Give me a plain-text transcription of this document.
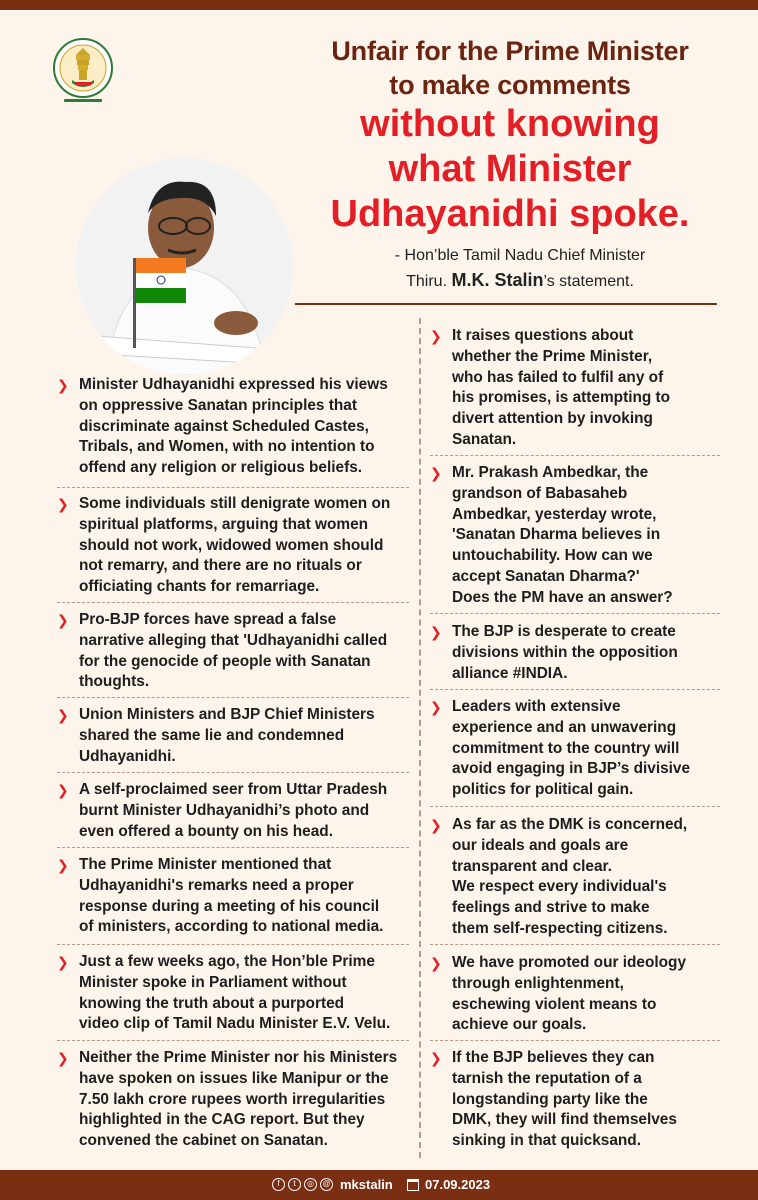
Unfair for the Prime Minister

to make comments

without knowing

what Minister

Udhayanidhi spoke.

- Hon’ble Tamil Nadu Chief Minister
Thiru. M.K. Stalin’s statement.
❯ Minister Udhayanidhi expressed his views
on oppressive Sanatan principles that
discriminate against Scheduled Castes,
Tribals, and Women, with no intention to
offend any religion or religious beliefs.
❯ Some individuals still denigrate women on
spiritual platforms, arguing that women
should not work, widowed women should
not remarry, and there are no rituals or
officiating chants for remarriage.
❯ Pro-BJP forces have spread a false
narrative alleging that 'Udhayanidhi called
for the genocide of people with Sanatan
thoughts.
❯ Union Ministers and BJP Chief Ministers
shared the same lie and condemned
Udhayanidhi.
❯ A self-proclaimed seer from Uttar Pradesh
burnt Minister Udhayanidhi’s photo and
even offered a bounty on his head.
❯ The Prime Minister mentioned that
Udhayanidhi's remarks need a proper
response during a meeting of his council
of ministers, according to national media.
❯ Just a few weeks ago, the Hon’ble Prime
Minister spoke in Parliament without
knowing the truth about a purported
video clip of Tamil Nadu Minister E.V. Velu.
❯ Neither the Prime Minister nor his Ministers
have spoken on issues like Manipur or the
7.50 lakh crore rupees worth irregularities
highlighted in the CAG report. But they
convened the cabinet on Sanatan.
❯ It raises questions about
whether the Prime Minister,
who has failed to fulfil any of
his promises, is attempting to
divert attention by invoking
Sanatan.
❯ Mr. Prakash Ambedkar, the
grandson of Babasaheb
Ambedkar, yesterday wrote,
'Sanatan Dharma believes in
untouchability. How can we
accept Sanatan Dharma?'
Does the PM have an answer?
❯ The BJP is desperate to create
divisions within the opposition
alliance #INDIA.
❯ Leaders with extensive
experience and an unwavering
commitment to the country will
avoid engaging in BJP’s divisive
politics for political gain.
❯ As far as the DMK is concerned,
our ideals and goals are
transparent and clear.
We respect every individual's
feelings and strive to make
them self-respecting citizens.
❯ We have promoted our ideology
through enlightenment,
eschewing violent means to
achieve our goals.
❯ If the BJP believes they can
tarnish the reputation of a
longstanding party like the
DMK, they will find themselves
sinking in that quicksand.
f	t	◎	@ mkstalin 07.09.2023
